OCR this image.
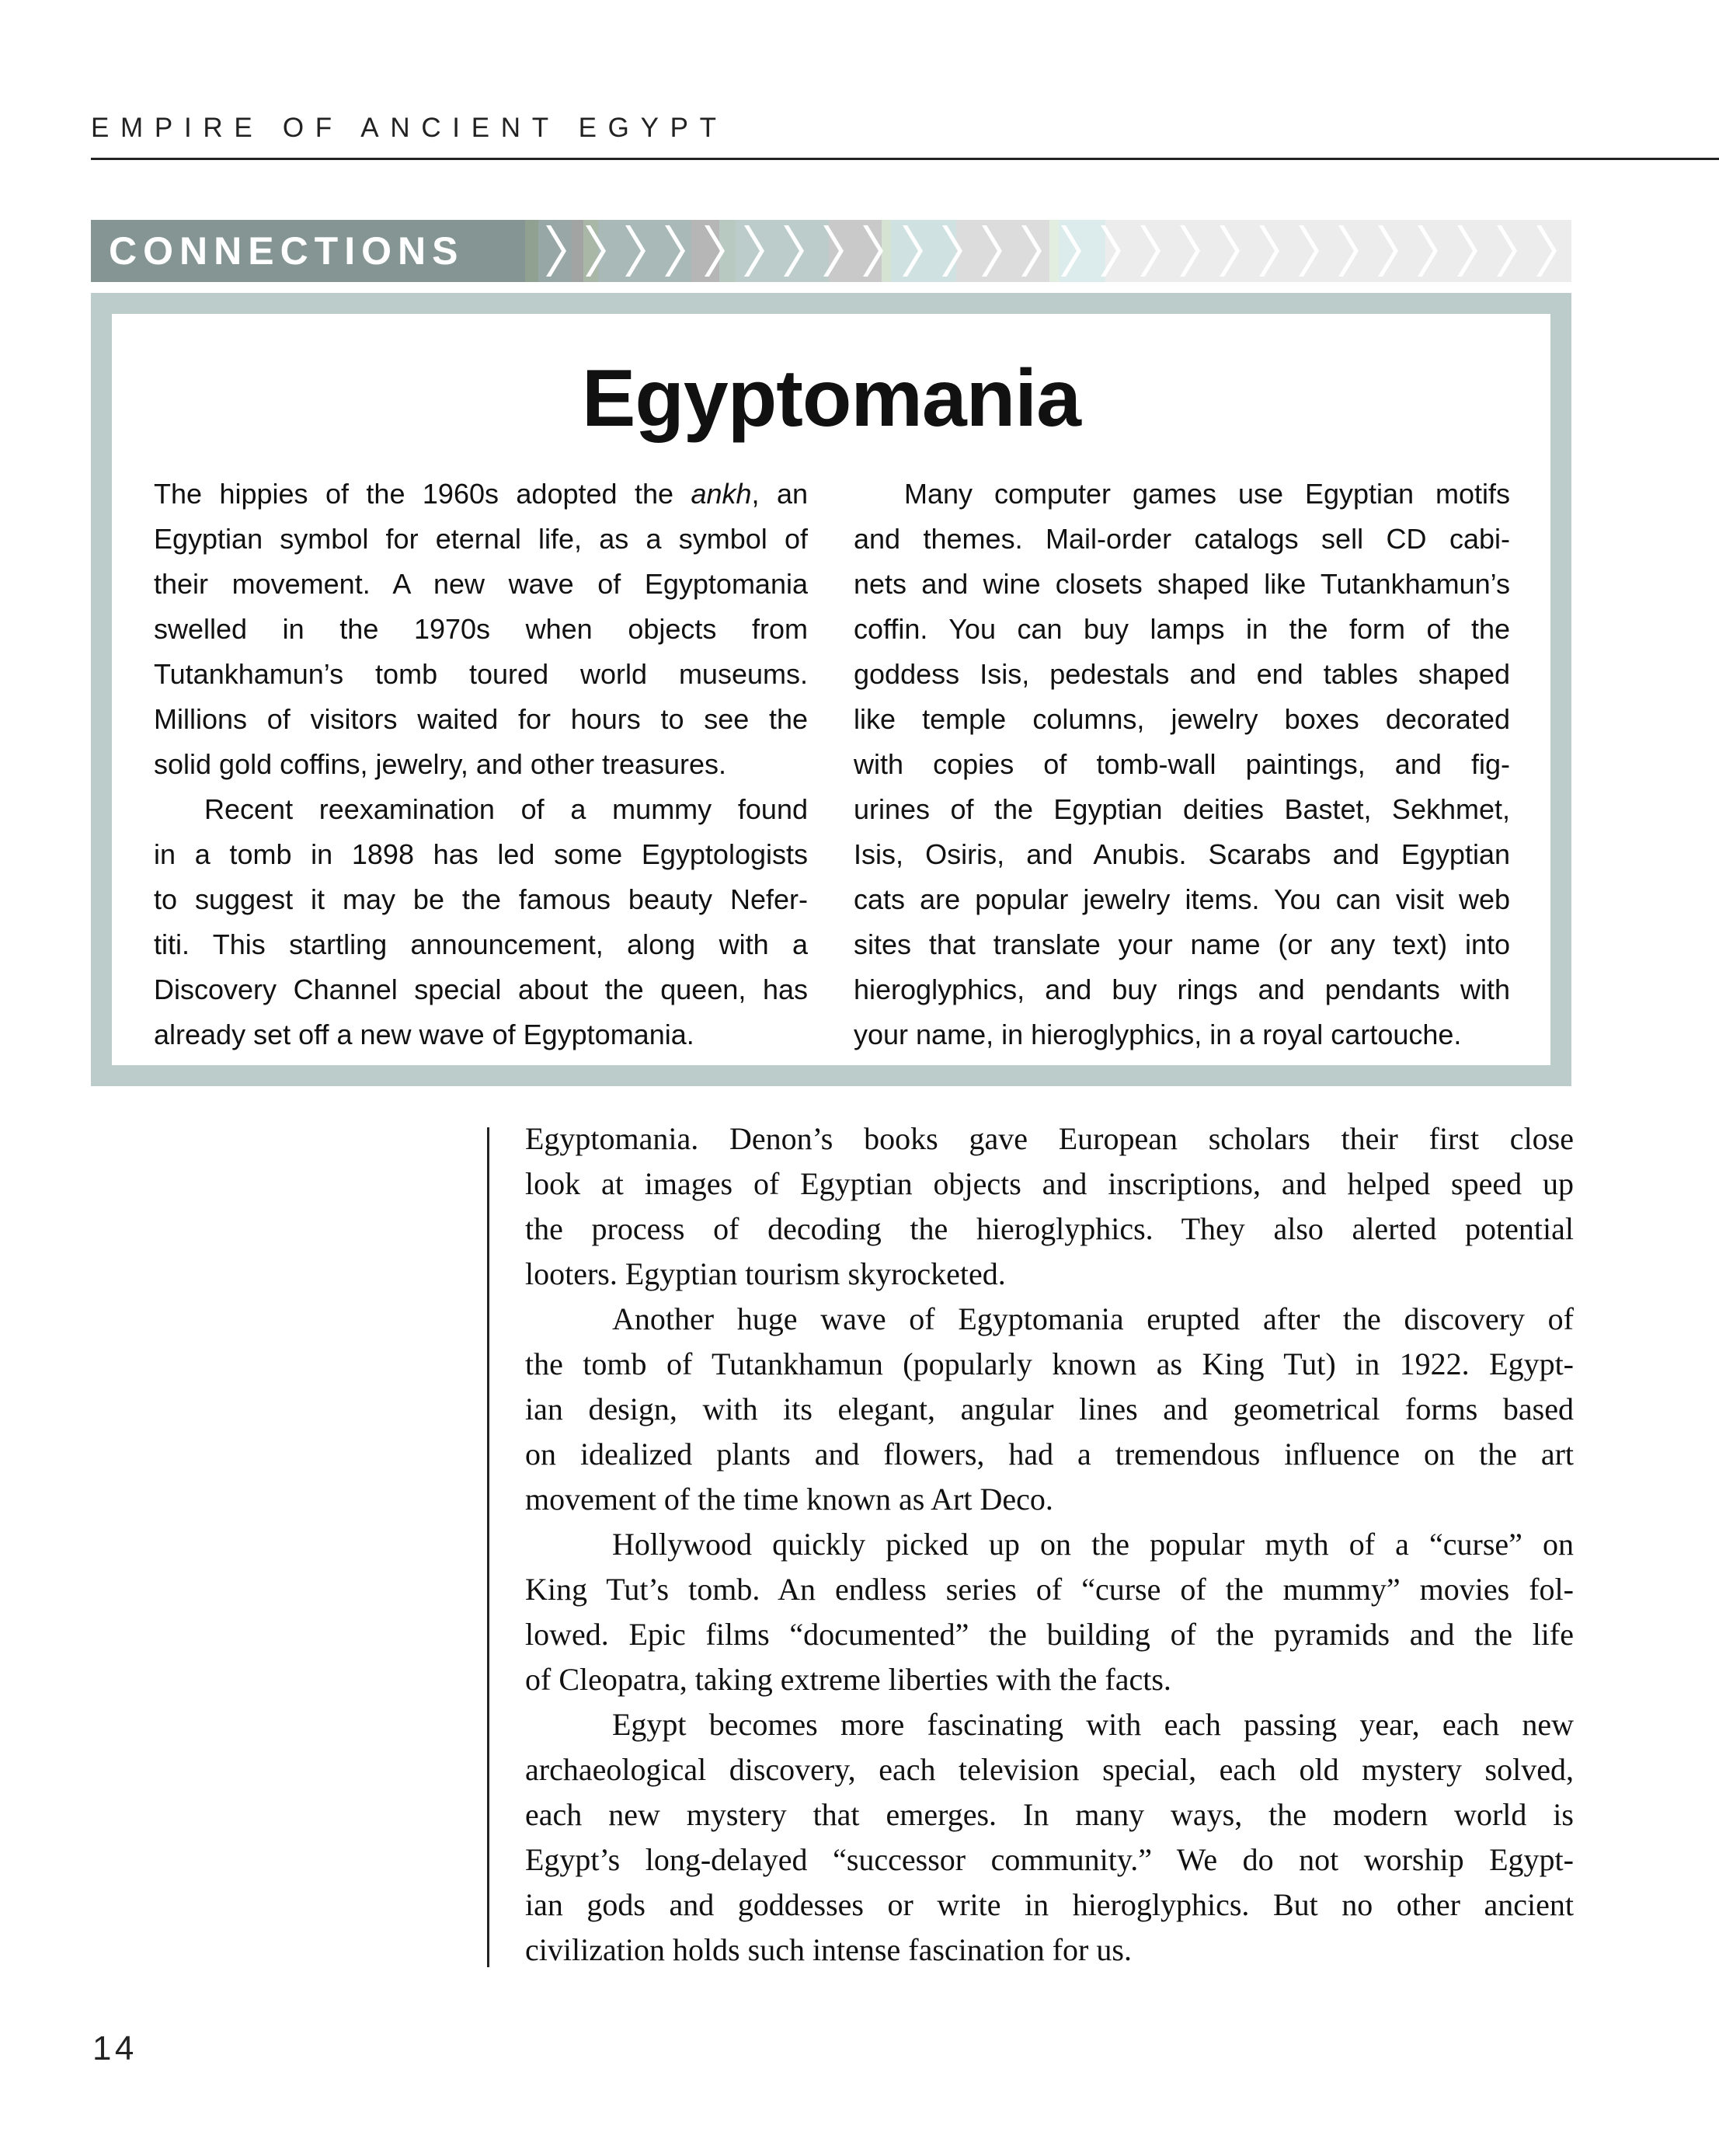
EMPIRE OF ANCIENT EGYPT
CONNECTIONS
Egyptomania
The hippies of the 1960s adopted the ankh, an
Egyptian symbol for eternal life, as a symbol of
their movement. A new wave of Egyptomania
swelled in the 1970s when objects from
Tutankhamun’s tomb toured world museums.
Millions of visitors waited for hours to see the
solid gold coffins, jewelry, and other treasures.
Recent reexamination of a mummy found
in a tomb in 1898 has led some Egyptologists
to suggest it may be the famous beauty Nefer-
titi. This startling announcement, along with a
Discovery Channel special about the queen, has
already set off a new wave of Egyptomania.
Many computer games use Egyptian motifs
and themes. Mail-order catalogs sell CD cabi-
nets and wine closets shaped like Tutankhamun’s
coffin. You can buy lamps in the form of the
goddess Isis, pedestals and end tables shaped
like temple columns, jewelry boxes decorated
with copies of tomb-wall paintings, and fig-
urines of the Egyptian deities Bastet, Sekhmet,
Isis, Osiris, and Anubis. Scarabs and Egyptian
cats are popular jewelry items. You can visit web
sites that translate your name (or any text) into
hieroglyphics, and buy rings and pendants with
your name, in hieroglyphics, in a royal cartouche.
Egyptomania. Denon’s books gave European scholars their first close
look at images of Egyptian objects and inscriptions, and helped speed up
the process of decoding the hieroglyphics. They also alerted potential
looters. Egyptian tourism skyrocketed.
Another huge wave of Egyptomania erupted after the discovery of
the tomb of Tutankhamun (popularly known as King Tut) in 1922. Egypt-
ian design, with its elegant, angular lines and geometrical forms based
on idealized plants and flowers, had a tremendous influence on the art
movement of the time known as Art Deco.
Hollywood quickly picked up on the popular myth of a “curse” on
King Tut’s tomb. An endless series of “curse of the mummy” movies fol-
lowed. Epic films “documented” the building of the pyramids and the life
of Cleopatra, taking extreme liberties with the facts.
Egypt becomes more fascinating with each passing year, each new
archaeological discovery, each television special, each old mystery solved,
each new mystery that emerges. In many ways, the modern world is
Egypt’s long-delayed “successor community.” We do not worship Egypt-
ian gods and goddesses or write in hieroglyphics. But no other ancient
civilization holds such intense fascination for us.
14
